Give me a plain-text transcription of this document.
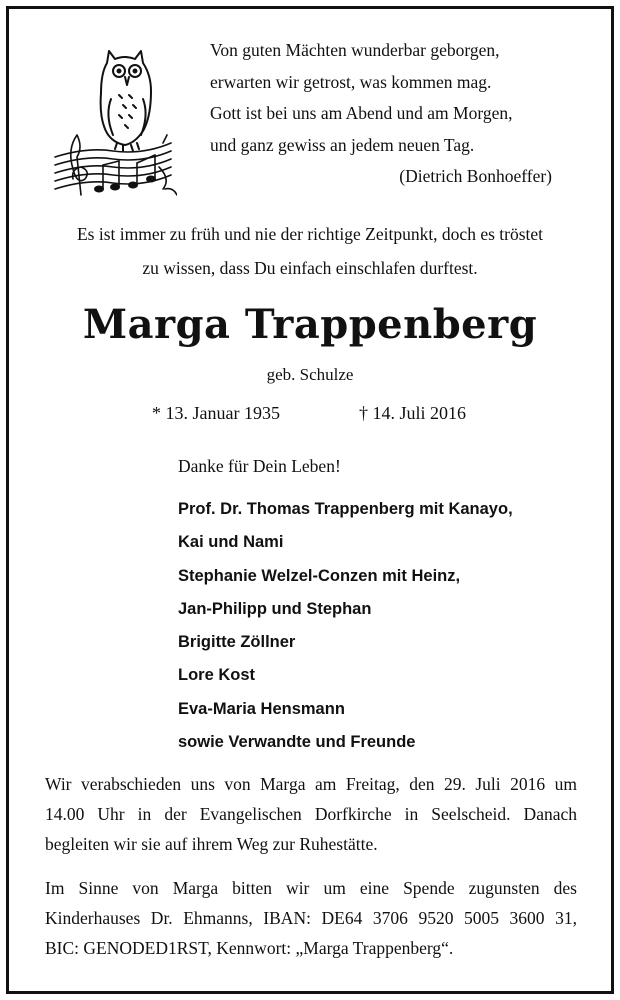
Von guten Mächten wunderbar geborgen,
erwarten wir getrost, was kommen mag.
Gott ist bei uns am Abend und am Morgen,
und ganz gewiss an jedem neuen Tag.
(Dietrich Bonhoeffer)
Es ist immer zu früh und nie der richtige Zeitpunkt, doch es tröstet
zu wissen, dass Du einfach einschlafen durftest.
Marga Trappenberg
geb. Schulze
* 13. Januar 1935	† 14. Juli 2016
Danke für Dein Leben!
Prof. Dr. Thomas Trappenberg mit Kanayo,
Kai und Nami
Stephanie Welzel-Conzen mit Heinz,
Jan-Philipp und Stephan
Brigitte Zöllner
Lore Kost
Eva-Maria Hensmann
sowie Verwandte und Freunde
Wir verabschieden uns von Marga am Freitag, den 29. Juli 2016 um
14.00 Uhr in der Evangelischen Dorfkirche in Seelscheid. Danach
begleiten wir sie auf ihrem Weg zur Ruhestätte.
Im Sinne von Marga bitten wir um eine Spende zugunsten des
Kinderhauses Dr. Ehmanns, IBAN: DE64 3706 9520 5005 3600 31,
BIC: GENODED1RST, Kennwort: „Marga Trappenberg“.
